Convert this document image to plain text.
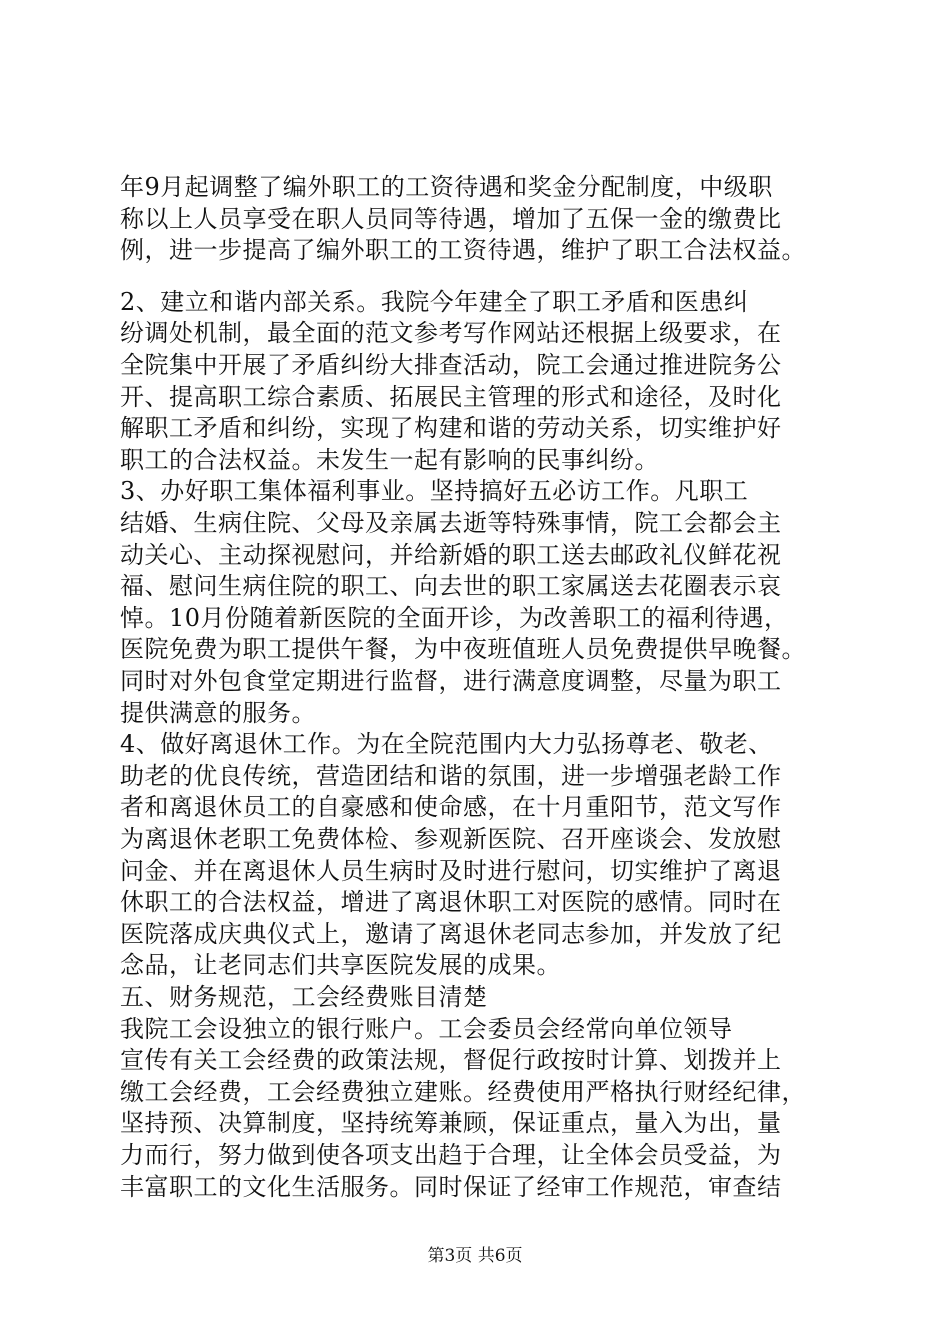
年9月起调整了编外职工的工资待遇和奖金分配制度，中级职
称以上人员享受在职人员同等待遇，增加了五保一金的缴费比
例，进一步提高了编外职工的工资待遇，维护了职工合法权益。
2、建立和谐内部关系。我院今年建全了职工矛盾和医患纠
纷调处机制，最全面的范文参考写作网站还根据上级要求，在
全院集中开展了矛盾纠纷大排查活动，院工会通过推进院务公
开、提高职工综合素质、拓展民主管理的形式和途径，及时化
解职工矛盾和纠纷，实现了构建和谐的劳动关系，切实维护好
职工的合法权益。未发生一起有影响的民事纠纷。
3、办好职工集体福利事业。坚持搞好五必访工作。凡职工
结婚、生病住院、父母及亲属去逝等特殊事情，院工会都会主
动关心、主动探视慰问，并给新婚的职工送去邮政礼仪鲜花祝
福、慰问生病住院的职工、向去世的职工家属送去花圈表示哀
悼。10月份随着新医院的全面开诊，为改善职工的福利待遇，
医院免费为职工提供午餐，为中夜班值班人员免费提供早晚餐。
同时对外包食堂定期进行监督，进行满意度调整，尽量为职工
提供满意的服务。
4、做好离退休工作。为在全院范围内大力弘扬尊老、敬老、
助老的优良传统，营造团结和谐的氛围，进一步增强老龄工作
者和离退休员工的自豪感和使命感，在十月重阳节，范文写作
为离退休老职工免费体检、参观新医院、召开座谈会、发放慰
问金、并在离退休人员生病时及时进行慰问，切实维护了离退
休职工的合法权益，增进了离退休职工对医院的感情。同时在
医院落成庆典仪式上，邀请了离退休老同志参加，并发放了纪
念品，让老同志们共享医院发展的成果。
五、财务规范，工会经费账目清楚
我院工会设独立的银行账户。工会委员会经常向单位领导
宣传有关工会经费的政策法规，督促行政按时计算、划拨并上
缴工会经费，工会经费独立建账。经费使用严格执行财经纪律，
坚持预、决算制度，坚持统筹兼顾，保证重点，量入为出，量
力而行，努力做到使各项支出趋于合理，让全体会员受益，为
丰富职工的文化生活服务。同时保证了经审工作规范，审查结
第3页 共6页
